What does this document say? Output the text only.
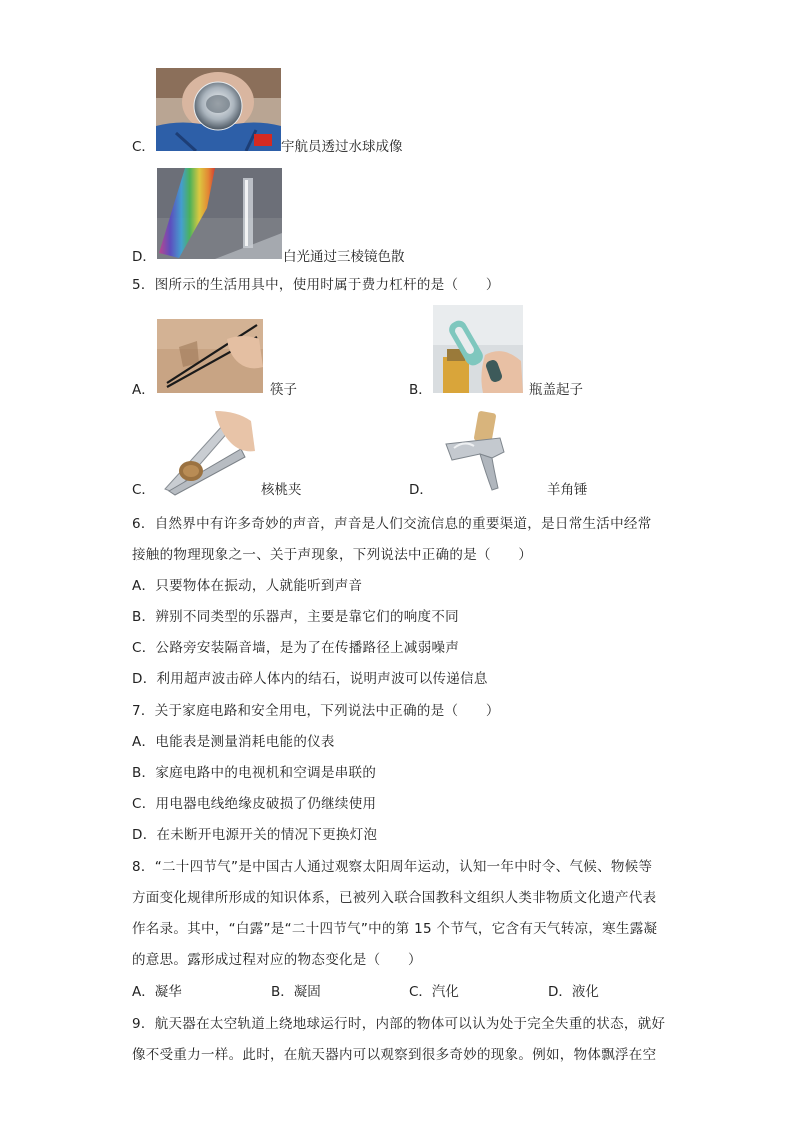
C．	宇航员透过水球成像
D．	白光通过三棱镜色散
5．图所示的生活用具中，使用时属于费力杠杆的是（　　）
A．	筷子	B．	瓶盖起子
C．	核桃夹	D．	羊角锤
6．自然界中有许多奇妙的声音，声音是人们交流信息的重要渠道，是日常生活中经常
接触的物理现象之一、关于声现象，下列说法中正确的是（　　）
A．只要物体在振动，人就能听到声音
B．辨别不同类型的乐器声，主要是靠它们的响度不同
C．公路旁安装隔音墙，是为了在传播路径上减弱噪声
D．利用超声波击碎人体内的结石，说明声波可以传递信息
7．关于家庭电路和安全用电，下列说法中正确的是（　　）
A．电能表是测量消耗电能的仪表
B．家庭电路中的电视机和空调是串联的
C．用电器电线绝缘皮破损了仍继续使用
D．在未断开电源开关的情况下更换灯泡
8．“二十四节气”是中国古人通过观察太阳周年运动，认知一年中时令、气候、物候等
方面变化规律所形成的知识体系，已被列入联合国教科文组织人类非物质文化遗产代表
作名录。其中，“白露”是“二十四节气”中的第 15 个节气，它含有天气转凉，寒生露凝
的意思。露形成过程对应的物态变化是（　　）
A．凝华	B．凝固	C．汽化	D．液化
9．航天器在太空轨道上绕地球运行时，内部的物体可以认为处于完全失重的状态，就好
像不受重力一样。此时，在航天器内可以观察到很多奇妙的现象。例如，物体飘浮在空
